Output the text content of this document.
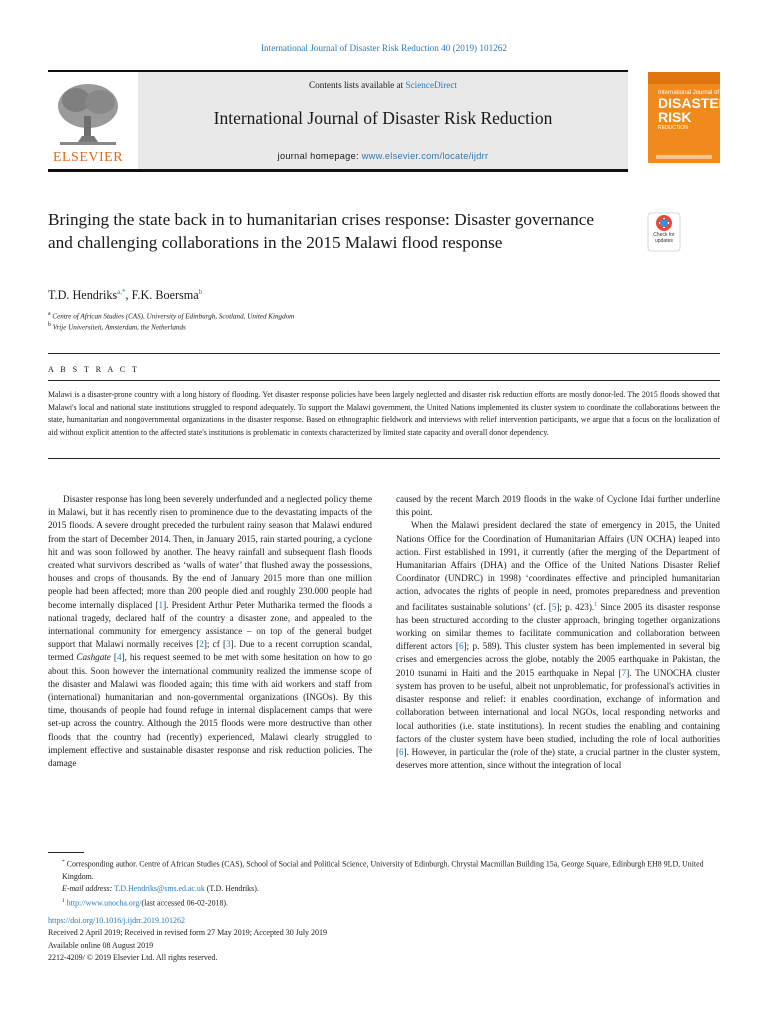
International Journal of Disaster Risk Reduction 40 (2019) 101262
ELSEVIER
Contents lists available at ScienceDirect
International Journal of Disaster Risk Reduction
journal homepage: www.elsevier.com/locate/ijdrr
International Journal of
DISASTER
RISK
REDUCTION
Bringing the state back in to humanitarian crises response: Disaster governance and challenging collaborations in the 2015 Malawi flood response	Check for updates
T.D. Hendriks$^{a,*}$, F.K. Boersma$^b$
$^a$ Centre of African Studies (CAS), University of Edinburgh, Scotland, United Kingdom
$^b$ Vrije Universiteit, Amsterdam, the Netherlands
A B S T R A C T
Malawi is a disaster-prone country with a long history of flooding. Yet disaster response policies have been largely neglected and disaster risk reduction efforts are mostly donor-led. The 2015 floods showed that Malawi's local and national state institutions struggled to respond adequately. To support the Malawi government, the United Nations implemented its cluster system to coordinate the collaborations between the state, humanitarian and nongovernmental organizations in the disaster response. Based on ethnographic fieldwork and interviews with relief intervention participants, we argue that a focus on the localization of aid without explicit attention to the affected state's institutions is problematic in contexts characterized by limited state capacity and overall donor dependency.

Disaster response has long been severely underfunded and a neglected policy theme in Malawi, but it has recently risen to prominence due to the devastating impacts of the 2015 floods. A severe drought preceded the turbulent rainy season that Malawi endured from the start of December 2014. Then, in January 2015, rain started pouring, a cyclone hit and was soon followed by another. The heavy rainfall and subsequent flash floods created what survivors described as ‘walls of water’ that flushed away the possessions, houses and crops of thousands. By the end of January 2015 more than one million people had been affected; more than 200 people died and roughly 230.000 people had become internally displaced [1]. President Arthur Peter Mutharika termed the floods a national tragedy, declared half of the country a disaster zone, and appealed to the international community for emergency assistance – on top of the general budget support that Malawi normally receives [2]; cf [3]. Due to a recent corruption scandal, termed Cashgate [4], his request seemed to be met with some hesitation on how to go about this. Soon however the international community realized the immense scope of the disaster and Malawi was flooded again; this time with aid workers and staff from (international) humanitarian and non-governmental organizations (INGOs). By this time, thousands of people had found refuge in internal displacement camps that were set-up across the country. Although the 2015 floods were more destructive than other floods that the country had (recently) experienced, Malawi clearly struggled to implement effective and sustainable disaster response and risk reduction policies. The damage

caused by the recent March 2019 floods in the wake of Cyclone Idai further underline this point.

When the Malawi president declared the state of emergency in 2015, the United Nations Office for the Coordination of Humanitarian Affairs (UN OCHA) leaped into action. First established in 1991, it currently (after the merging of the Department of Humanitarian Affairs (DHA) and the Office of the United Nations Disaster Relief Coordinator (UNDRC) in 1998) ‘coordinates effective and principled humanitarian action, advocates the rights of people in need, promotes preparedness and prevention and facilitates sustainable solutions’ (cf. [5]; p. 423).$^1$ Since 2005 its disaster response has been structured according to the cluster approach, bringing together organizations working on similar themes to facilitate communication and collaboration between different actors [6]; p. 589). This cluster system has been implemented in several big crises and emergencies across the globe, notably the 2005 earthquake in Pakistan, the 2010 tsunami in Haiti and the 2015 earthquake in Nepal [7]. The UNOCHA cluster system has proven to be useful, albeit not unproblematic, for professional's activities in disaster response and relief: it enables coordination, exchange of information and collaboration between international and local NGOs, local responding networks and local authorities (i.e. state institutions). In recent studies the enabling and containing factors of the cluster system have been studied, including the role of local authorities [6]. However, in particular the (role of the) state, a crucial partner in the cluster system, deserves more attention, since without the integration of local

* Corresponding author. Centre of African Studies (CAS), School of Social and Political Science, University of Edinburgh. Chrystal Macmillan Building 15a, George Square, Edinburgh EH8 9LD, United Kingdom.

E-mail address: T.D.Hendriks@sms.ed.ac.uk (T.D. Hendriks).

$^1$ http://www.unocha.org/(last accessed 06-02-2018).

https://doi.org/10.1016/j.ijdrr.2019.101262

Received 2 April 2019; Received in revised form 27 May 2019; Accepted 30 July 2019

Available online 08 August 2019

2212-4209/ © 2019 Elsevier Ltd. All rights reserved.
